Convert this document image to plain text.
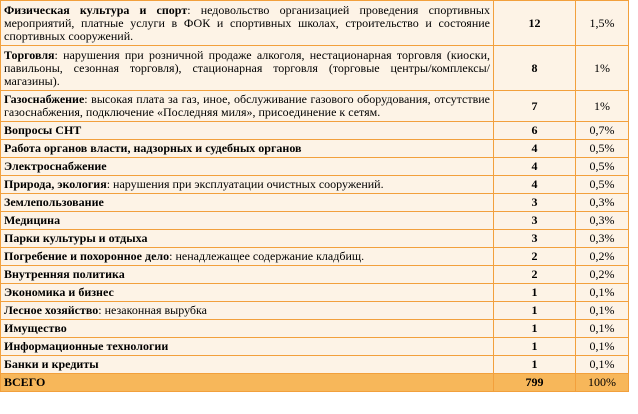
Физическая культура и спорт: недовольство организацией проведения спортивных мероприятий, платные услуги в ФОК и спортивных школах, строительство и состояние спортивных сооружений.	12	1,5%
Торговля: нарушения при розничной продаже алкоголя, нестационарная торговля (киоски, павильоны, сезонная торговля), стационарная торговля (торговые центры/комплексы/магазины).	8	1%
Газоснабжение: высокая плата за газ, иное, обслуживание газового оборудования, отсутствие газоснабжения, подключение «Последняя миля», присоединение к сетям.	7	1%
Вопросы СНТ	6	0,7%
Работа органов власти, надзорных и судебных органов	4	0,5%
Электроснабжение	4	0,5%
Природа, экология: нарушения при эксплуатации очистных сооружений.	4	0,5%
Землепользование	3	0,3%
Медицина	3	0,3%
Парки культуры и отдыха	3	0,3%
Погребение и похоронное дело: ненадлежащее содержание кладбищ.	2	0,2%
Внутренняя политика	2	0,2%
Экономика и бизнес	1	0,1%
Лесное хозяйство: незаконная вырубка	1	0,1%
Имущество	1	0,1%
Информационные технологии	1	0,1%
Банки и кредиты	1	0,1%
ВСЕГО	799	100%
